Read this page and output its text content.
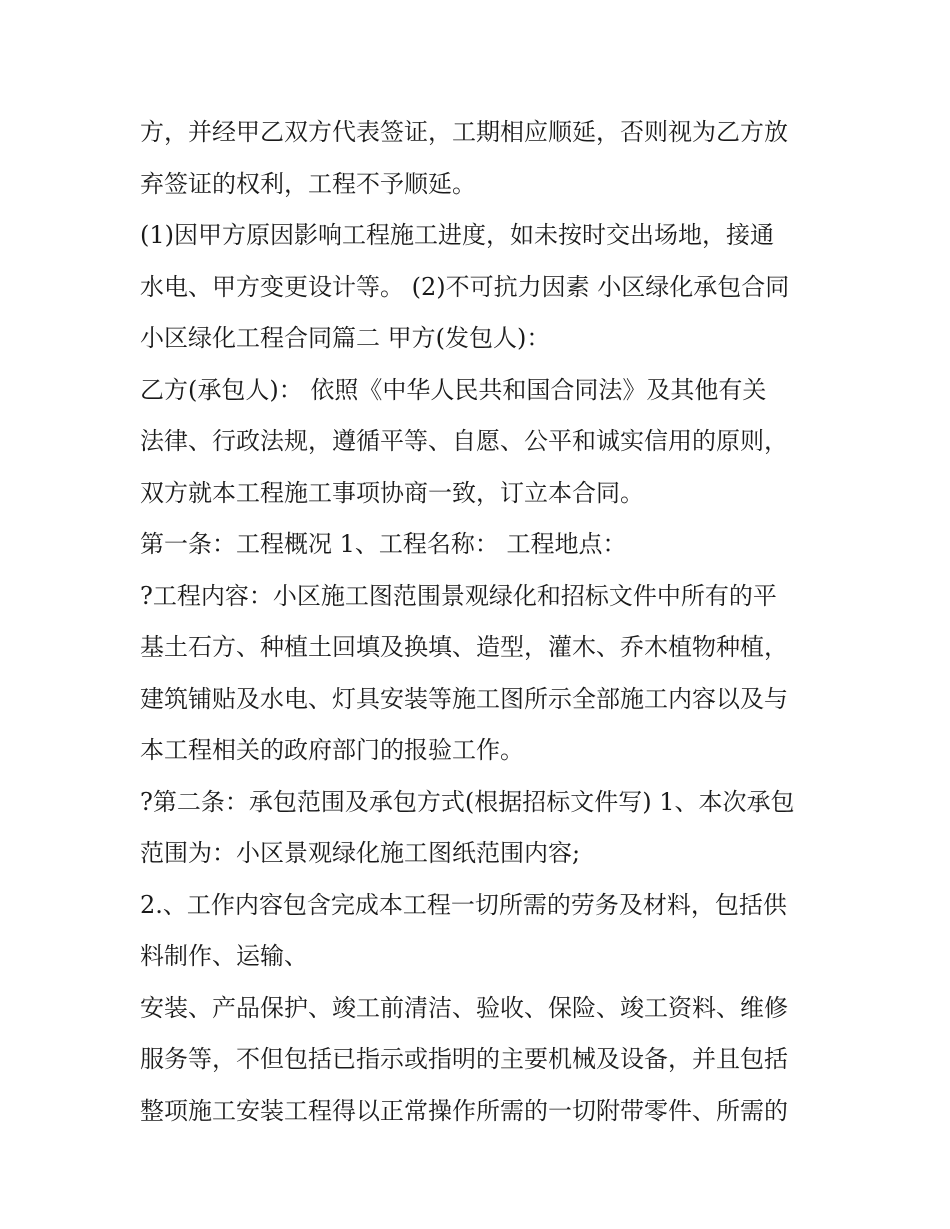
方，并经甲乙双方代表签证，工期相应顺延，否则视为乙方放
弃签证的权利，工程不予顺延。
(1)因甲方原因影响工程施工进度，如未按时交出场地，接通
水电、甲方变更设计等。 (2)不可抗力因素 小区绿化承包合同
小区绿化工程合同篇二 甲方(发包人)：
乙方(承包人)： 依照《中华人民共和国合同法》及其他有关
法律、行政法规，遵循平等、自愿、公平和诚实信用的原则，
双方就本工程施工事项协商一致，订立本合同。
第一条：工程概况 1、工程名称： 工程地点：
?工程内容：小区施工图范围景观绿化和招标文件中所有的平
基土石方、种植土回填及换填、造型，灌木、乔木植物种植，
建筑铺贴及水电、灯具安装等施工图所示全部施工内容以及与
本工程相关的政府部门的报验工作。
?第二条：承包范围及承包方式(根据招标文件写) 1、本次承包
范围为：小区景观绿化施工图纸范围内容;
2.、工作内容包含完成本工程一切所需的劳务及材料，包括供
料制作、运输、
安装、产品保护、竣工前清洁、验收、保险、竣工资料、维修
服务等，不但包括已指示或指明的主要机械及设备，并且包括
整项施工安装工程得以正常操作所需的一切附带零件、所需的
